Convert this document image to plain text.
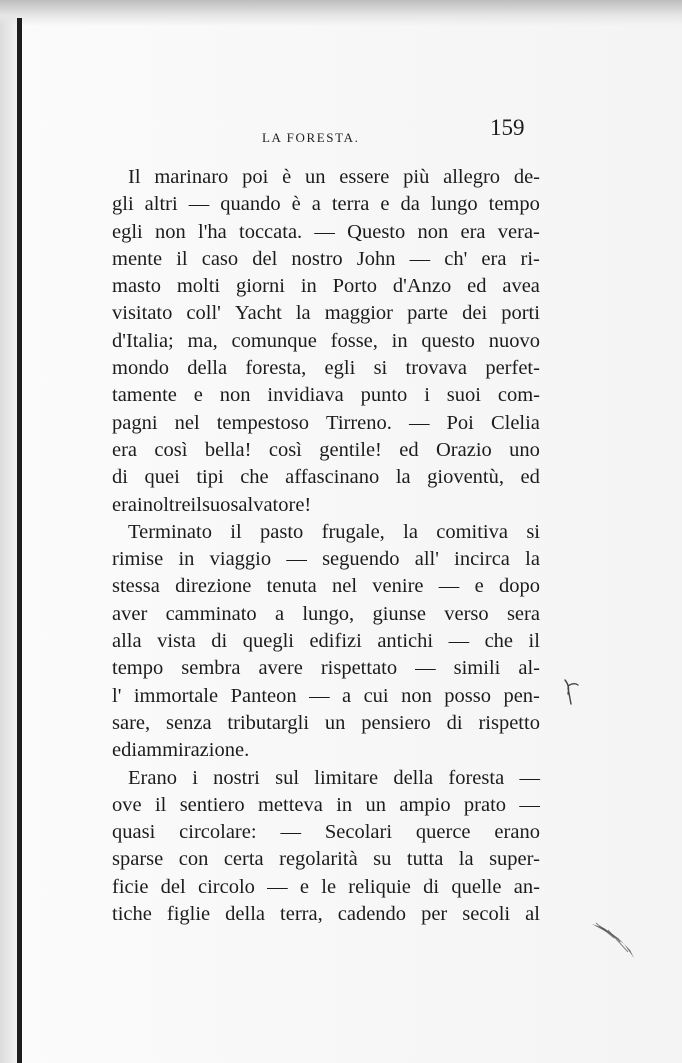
LA FORESTA.	159
Il marinaro poi è un essere più allegro de-
gli altri — quando è a terra e da lungo tempo
egli non l'ha toccata. — Questo non era vera-
mente il caso del nostro John — ch' era ri-
masto molti giorni in Porto d'Anzo ed avea
visitato coll' Yacht la maggior parte dei porti
d'Italia; ma, comunque fosse, in questo nuovo
mondo della foresta, egli si trovava perfet-
tamente e non invidiava punto i suoi com-
pagni nel tempestoso Tirreno. — Poi Clelia
era così bella! così gentile! ed Orazio uno
di quei tipi che affascinano la gioventù, ed
era inoltre il suo salvatore!
Terminato il pasto frugale, la comitiva si
rimise in viaggio — seguendo all' incirca la
stessa direzione tenuta nel venire — e dopo
aver camminato a lungo, giunse verso sera
alla vista di quegli edifizi antichi — che il
tempo sembra avere rispettato — simili al-
l' immortale Panteon — a cui non posso pen-
sare, senza tributargli un pensiero di rispetto
e di ammirazione.
Erano i nostri sul limitare della foresta —
ove il sentiero metteva in un ampio prato —
quasi circolare: — Secolari querce erano
sparse con certa regolarità su tutta la super-
ficie del circolo — e le reliquie di quelle an-
tiche figlie della terra, cadendo per secoli al
